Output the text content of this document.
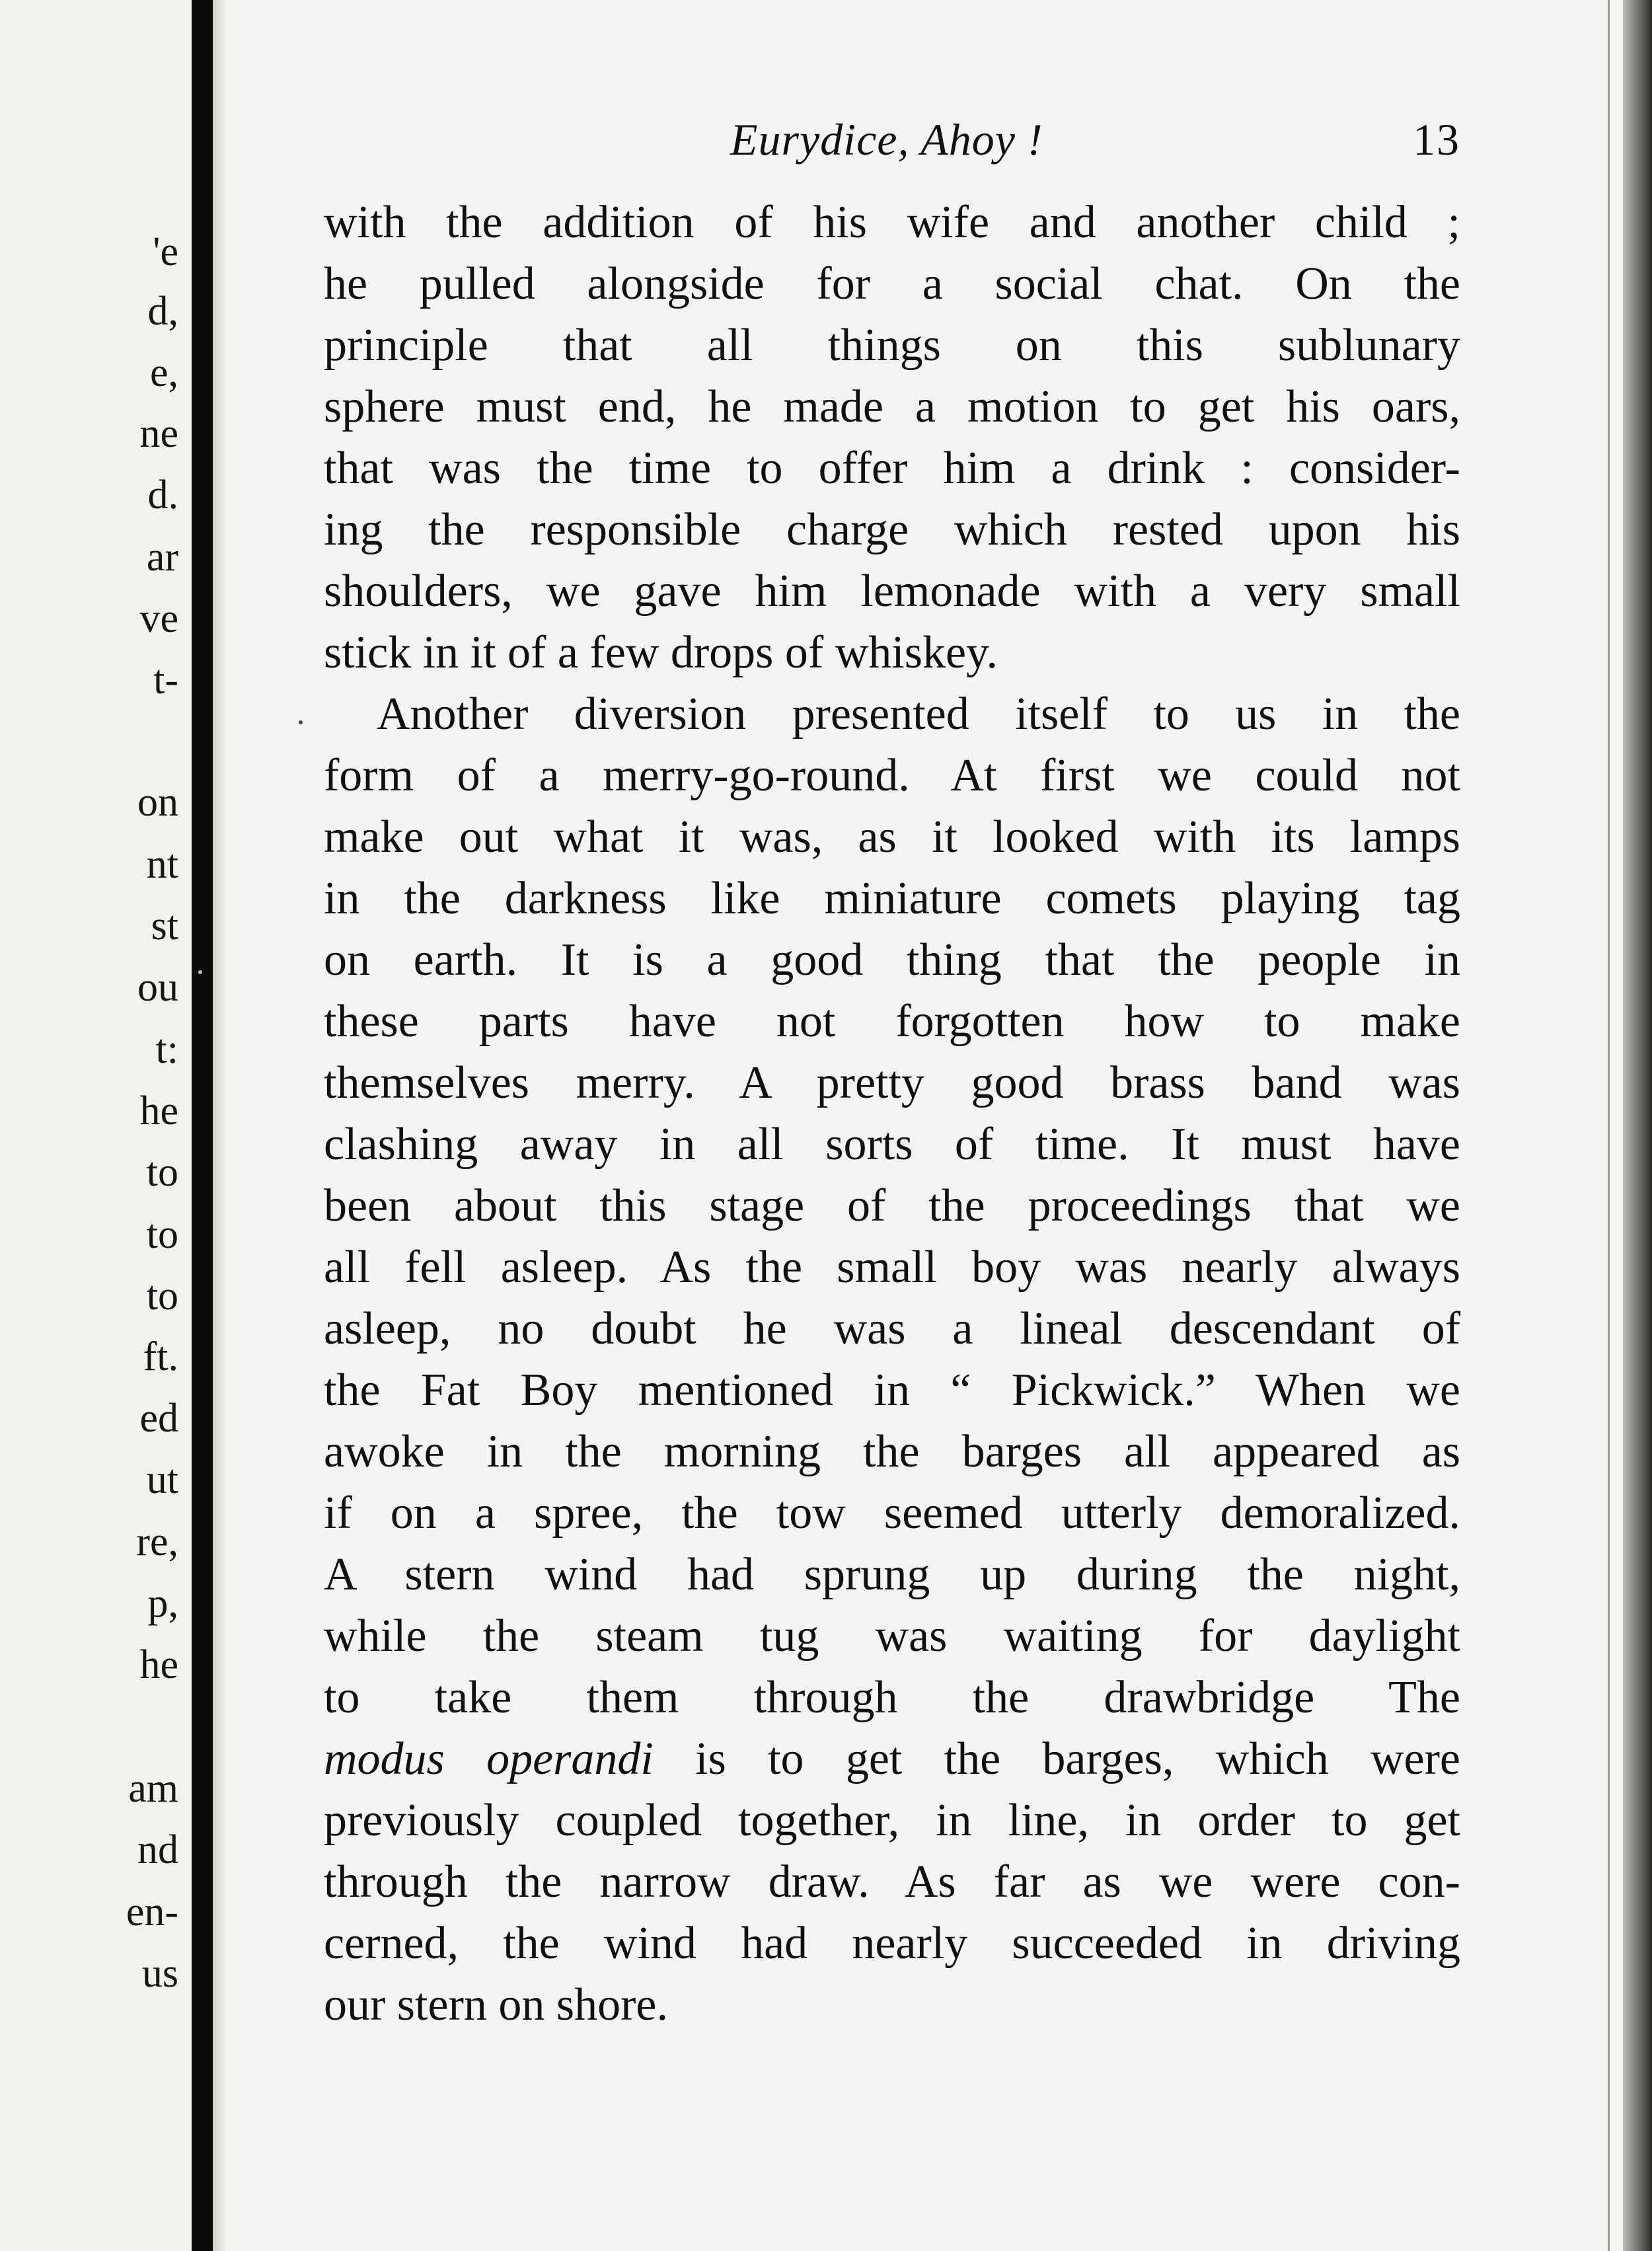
'e
d,
e,
ne
d.
ar
ve
t-
on
nt
st
ou
t:
he
to
to
to
ft.
ed
ut
re,
p,
he
am
nd
en-
us
Eurydice, Ahoy !	13
with the addition of his wife and another child ;
he pulled alongside for a social chat. On the
principle that all things on this sublunary
sphere must end, he made a motion to get his oars,
that was the time to offer him a drink : consider-
ing the responsible charge which rested upon his
shoulders, we gave him lemonade with a very small
stick in it of a few drops of whiskey.
Another diversion presented itself to us in the
form of a merry-go-round. At first we could not
make out what it was, as it looked with its lamps
in the darkness like miniature comets playing tag
on earth. It is a good thing that the people in
these parts have not forgotten how to make
themselves merry. A pretty good brass band was
clashing away in all sorts of time. It must have
been about this stage of the proceedings that we
all fell asleep. As the small boy was nearly always
asleep, no doubt he was a lineal descendant of
the Fat Boy mentioned in “ Pickwick.” When we
awoke in the morning the barges all appeared as
if on a spree, the tow seemed utterly demoralized.
A stern wind had sprung up during the night,
while the steam tug was waiting for daylight
to take them through the drawbridge The
modus operandi is to get the barges, which were
previously coupled together, in line, in order to get
through the narrow draw. As far as we were con-
cerned, the wind had nearly succeeded in driving
our stern on shore.
